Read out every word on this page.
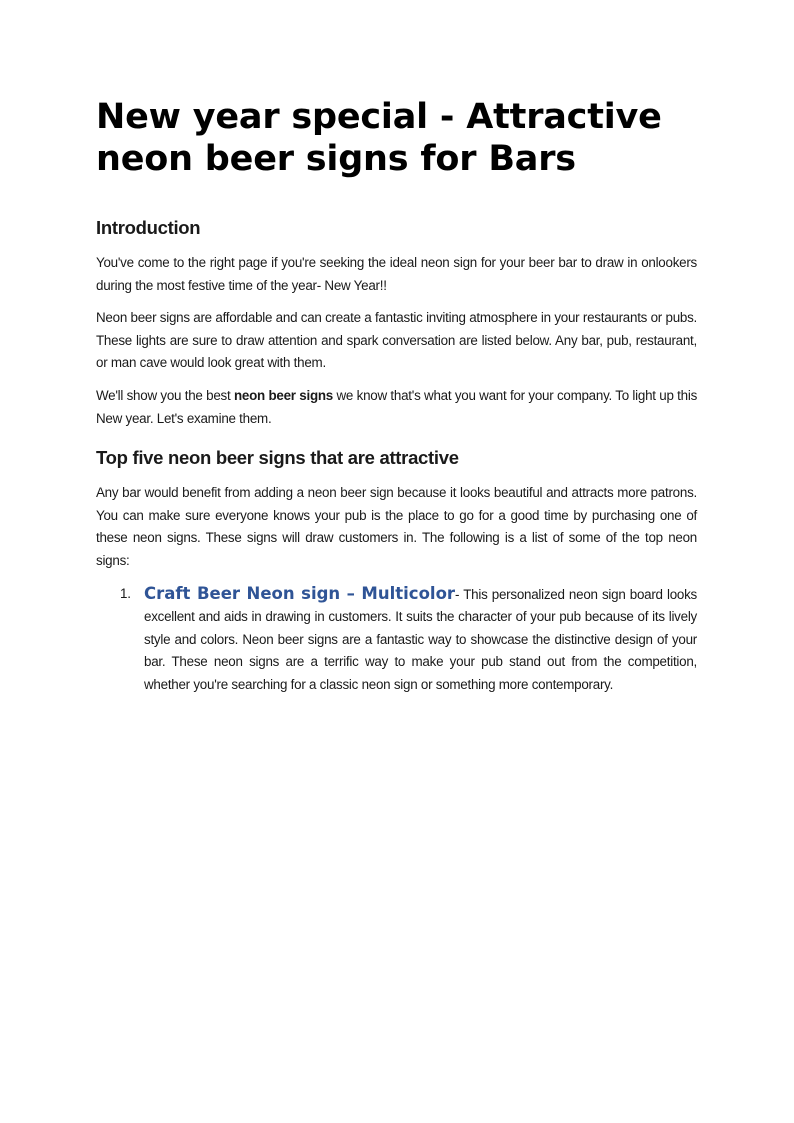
New year special - Attractive neon beer signs for Bars
Introduction

You've come to the right page if you're seeking the ideal neon sign for your beer bar to draw in onlookers during the most festive time of the year- New Year!!

Neon beer signs are affordable and can create a fantastic inviting atmosphere in your restaurants or pubs. These lights are sure to draw attention and spark conversation are listed below. Any bar, pub, restaurant, or man cave would look great with them.

We'll show you the best neon beer signs we know that's what you want for your company. To light up this New year. Let's examine them.

Top five neon beer signs that are attractive

Any bar would benefit from adding a neon beer sign because it looks beautiful and attracts more patrons. You can make sure everyone knows your pub is the place to go for a good time by purchasing one of these neon signs. These signs will draw customers in. The following is a list of some of the top neon signs:

1. Craft Beer Neon sign – Multicolor- This personalized neon sign board looks excellent and aids in drawing in customers. It suits the character of your pub because of its lively style and colors. Neon beer signs are a fantastic way to showcase the distinctive design of your bar. These neon signs are a terrific way to make your pub stand out from the competition, whether you're searching for a classic neon sign or something more contemporary.
